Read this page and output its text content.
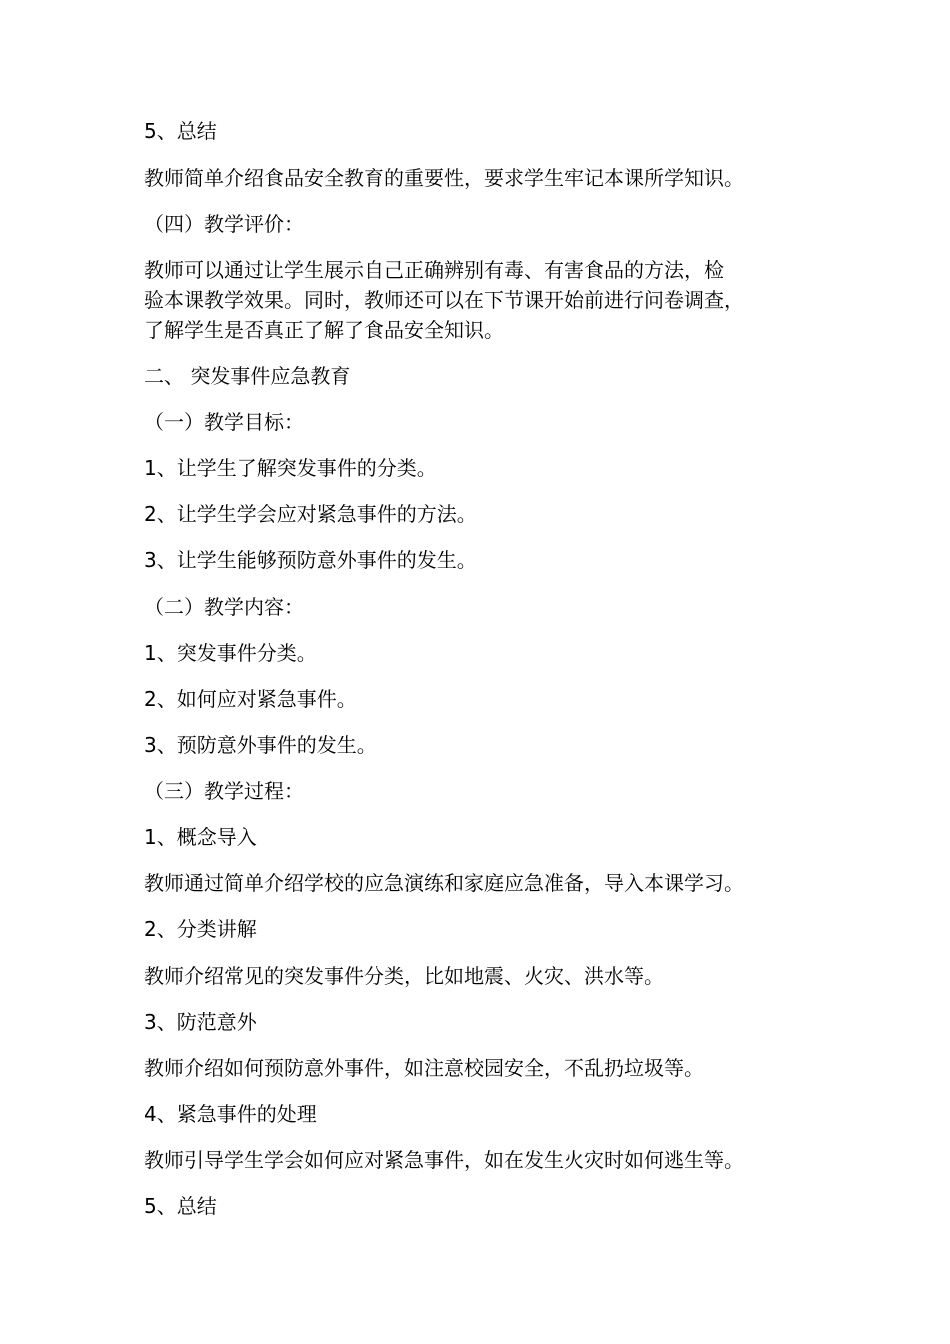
5、总结
教师简单介绍食品安全教育的重要性，要求学生牢记本课所学知识。
（四）教学评价：
教师可以通过让学生展示自己正确辨别有毒、有害食品的方法，检
验本课教学效果。同时，教师还可以在下节课开始前进行问卷调查，
了解学生是否真正了解了食品安全知识。
二、 突发事件应急教育
（一）教学目标：
1、让学生了解突发事件的分类。
2、让学生学会应对紧急事件的方法。
3、让学生能够预防意外事件的发生。
（二）教学内容：
1、突发事件分类。
2、如何应对紧急事件。
3、预防意外事件的发生。
（三）教学过程：
1、概念导入
教师通过简单介绍学校的应急演练和家庭应急准备，导入本课学习。
2、分类讲解
教师介绍常见的突发事件分类，比如地震、火灾、洪水等。
3、防范意外
教师介绍如何预防意外事件，如注意校园安全，不乱扔垃圾等。
4、紧急事件的处理
教师引导学生学会如何应对紧急事件，如在发生火灾时如何逃生等。
5、总结
